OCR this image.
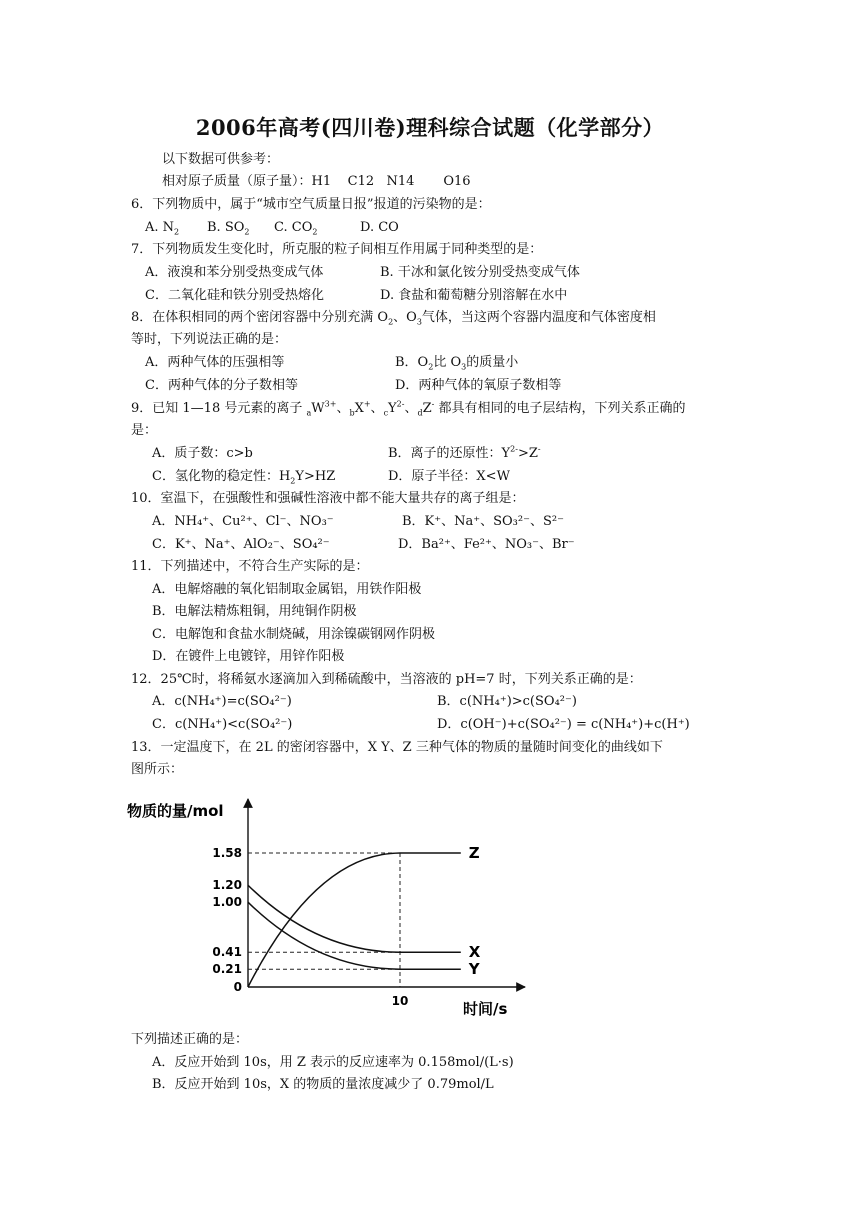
2006年高考(四川卷)理科综合试题（化学部分）
以下数据可供参考：
相对原子质量（原子量）：H1    C12   N14       O16
6．下列物质中，属于“城市空气质量日报”报道的污染物的是：
A. $N_2$ B. $SO_2$ C. $CO_2$	D. CO
7．下列物质发生变化时，所克服的粒子间相互作用属于同种类型的是：
A．液溴和苯分别受热变成气体	B. 干冰和氯化铵分别受热变成气体
C．二氧化硅和铁分别受热熔化	D. 食盐和葡萄糖分别溶解在水中
8．在体积相同的两个密闭容器中分别充满 $O_2$、$O_3$气体，当这两个容器内温度和气体密度相
等时，下列说法正确的是：
A．两种气体的压强相等	B．$O_2$比 $O_3$的质量小
C．两种气体的分子数相等	D．两种气体的氧原子数相等
9．已知 1—18 号元素的离子 $_aW^{3+}$、$_b$X+、$_cY^{2-}$、$_d$Z- 都具有相同的电子层结构，下列关系正确的
是：
A．质子数：c>b	B．离子的还原性：$Y^{2-}>Z^-$
C．氢化物的稳定性：$H_2Y>HZ$	D．原子半径：X<W
10．室温下，在强酸性和强碱性溶液中都不能大量共存的离子组是：
A．NH₄⁺、Cu²⁺、Cl⁻、NO₃⁻	B．K⁺、Na⁺、SO₃²⁻、S²⁻
C．K⁺、Na⁺、AlO₂⁻、SO₄²⁻	D．Ba²⁺、Fe²⁺、NO₃⁻、Br⁻
11．下列描述中，不符合生产实际的是：
A．电解熔融的氧化铝制取金属铝，用铁作阳极
B．电解法精炼粗铜，用纯铜作阴极
C．电解饱和食盐水制烧碱，用涂镍碳钢网作阴极
D．在镀件上电镀锌，用锌作阳极
12．25℃时，将稀氨水逐滴加入到稀硫酸中，当溶液的 pH=7 时，下列关系正确的是：
A．c(NH₄⁺)=c(SO₄²⁻)	B．c(NH₄⁺)>c(SO₄²⁻)
C．c(NH₄⁺)<c(SO₄²⁻)	D．c(OH⁻)+c(SO₄²⁻) = c(NH₄⁺)+c(H⁺)
13．一定温度下，在 2L 的密闭容器中，X Y、Z 三种气体的物质的量随时间变化的曲线如下
图所示：
物质的量/mol
时间/s
1.58
1.20
1.00
0.41
0.21
0
10
Z
X
Y
下列描述正确的是：
A．反应开始到 10s，用 Z 表示的反应速率为 0.158mol/(L·s)
B．反应开始到 10s，X 的物质的量浓度减少了 0.79mol/L
